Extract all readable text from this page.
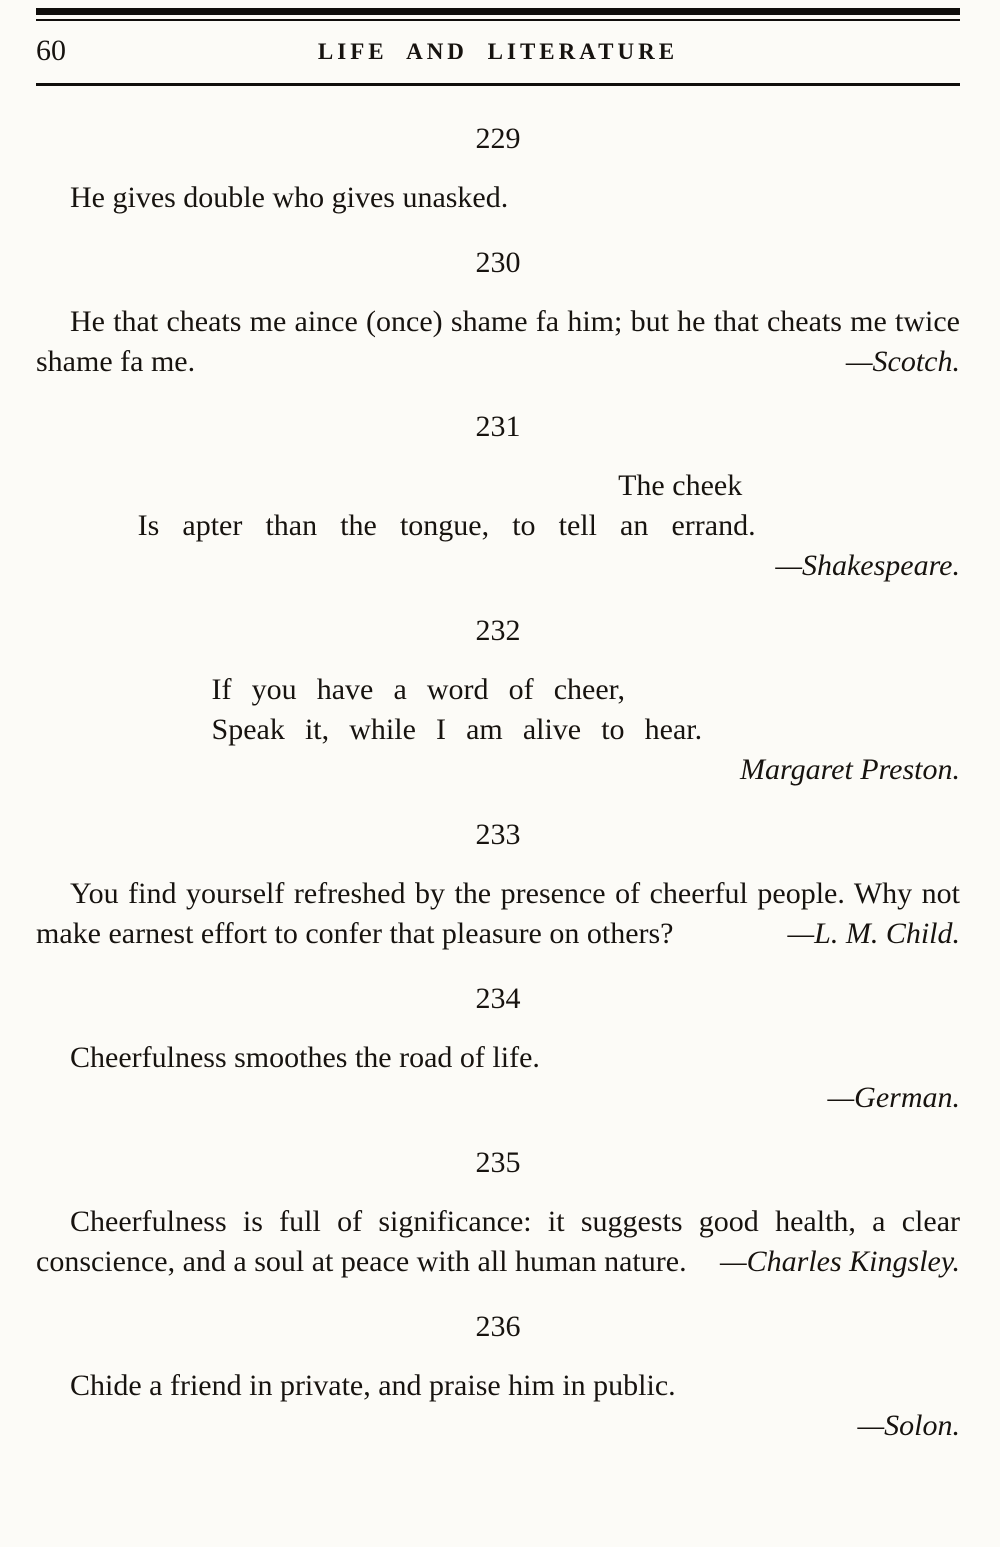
60	LIFE AND LITERATURE
229

He gives double who gives unasked.

230

He that cheats me aince (once) shame fa him; but he that cheats me twice shame fa me.	—Scotch.

231
The cheek
Is apter than the tongue, to tell an errand.
—Shakespeare.
232
If you have a word of cheer,
Speak it, while I am alive to hear.
Margaret Preston.
233

You find yourself refreshed by the presence of cheerful people. Why not make earnest effort to confer that pleasure on others?	—L. M. Child.

234

Cheerfulness smoothes the road of life.

—German.
235

Cheerfulness is full of significance: it suggests good health, a clear conscience, and a soul at peace with all human nature. —Charles Kingsley.

236

Chide a friend in private, and praise him in public.

—Solon.
